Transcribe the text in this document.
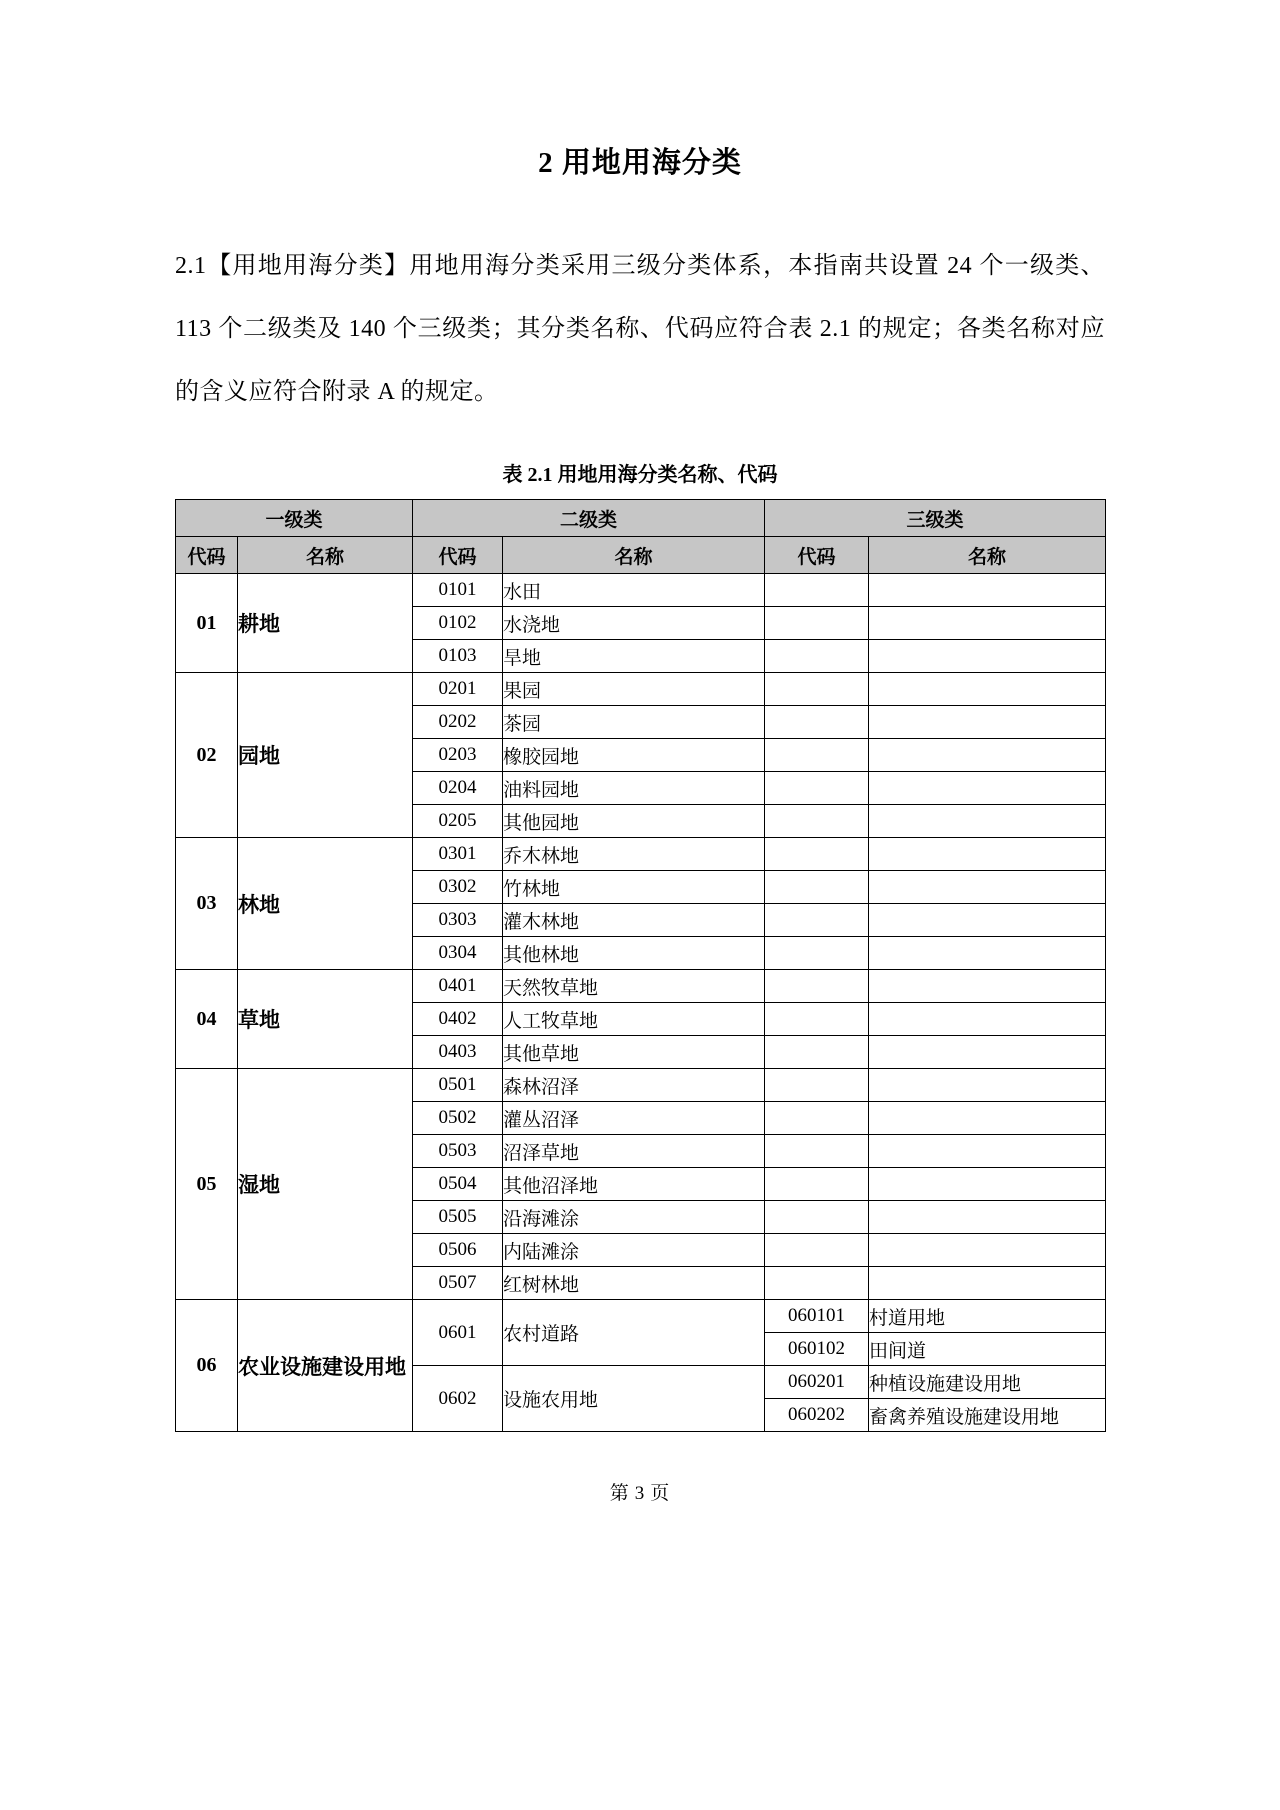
2 用地用海分类

2.1【用地用海分类】用地用海分类采用三级分类体系，本指南共设置 24 个一级类、113 个二级类及 140 个三级类；其分类名称、代码应符合表 2.1 的规定；各类名称对应的含义应符合附录 A 的规定。

表 2.1 用地用海分类名称、代码
一级类		二级类		三级类	
代码	名称	代码	名称	代码	名称
01	耕地	0101	水田		
		0102	水浇地		
		0103	旱地		
02	园地	0201	果园		
		0202	茶园		
		0203	橡胶园地		
		0204	油料园地		
		0205	其他园地		
03	林地	0301	乔木林地		
		0302	竹林地		
		0303	灌木林地		
		0304	其他林地		
04	草地	0401	天然牧草地		
		0402	人工牧草地		
		0403	其他草地		
05	湿地	0501	森林沼泽		
		0502	灌丛沼泽		
		0503	沼泽草地		
		0504	其他沼泽地		
		0505	沿海滩涂		
		0506	内陆滩涂		
		0507	红树林地		
06	农业设施建设用地	0601	农村道路	060101	村道用地
				060102	田间道
		0602	设施农用地	060201	种植设施建设用地
				060202	畜禽养殖设施建设用地
第 3 页
